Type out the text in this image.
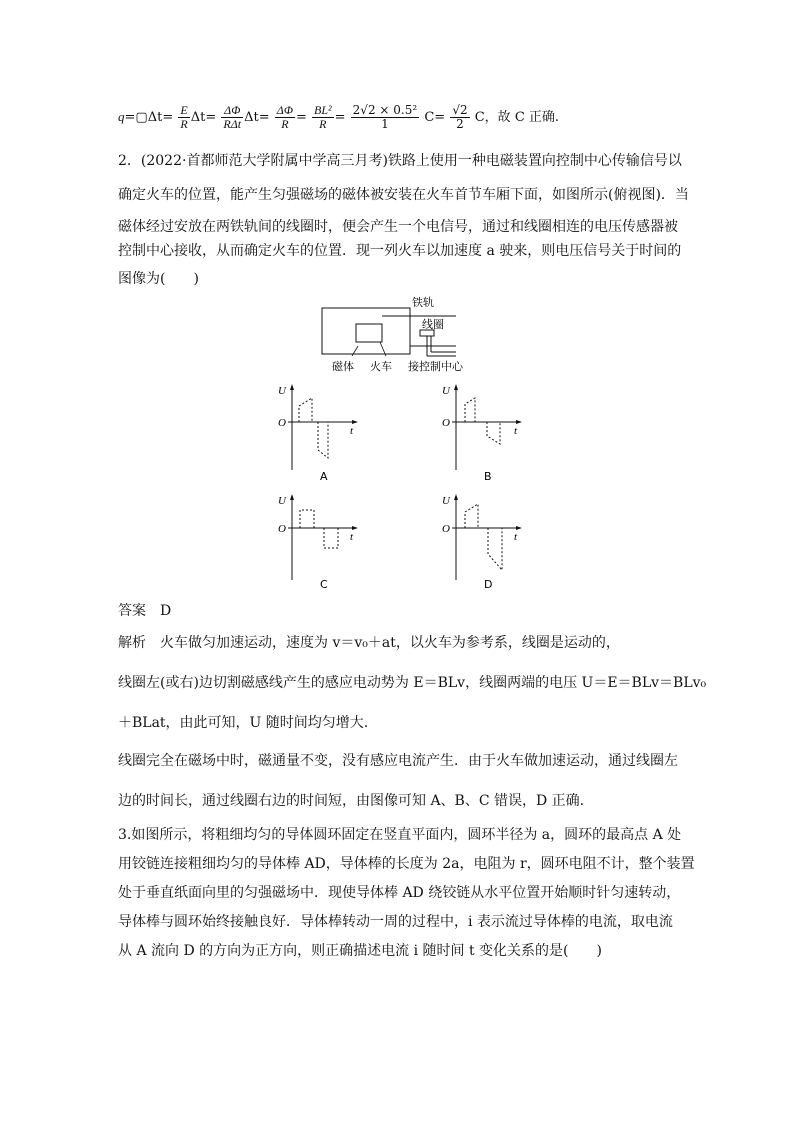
q=▢Δt= $\frac{E}{R} \Delta t= \frac{\Delta\Phi}{\text{RΔt}} \Delta t= \frac{\Delta\Phi}{R} = \frac{\text{BL²}}{R} = \frac{\text{2√2 × 0.5²}}{1} C= \frac{√2}{2}$ C，故 C 正确.
2．(2022·首都师范大学附属中学高三月考)铁路上使用一种电磁装置向控制中心传输信号以
确定火车的位置，能产生匀强磁场的磁体被安装在火车首节车厢下面，如图所示(俯视图)．当
磁体经过安放在两铁轨间的线圈时，便会产生一个电信号，通过和线圈相连的电压传感器被
控制中心接收，从而确定火车的位置．现一列火车以加速度 a 驶来，则电压信号关于时间的
图像为(　　)
铁轨
线圈
磁体 火车 接控制中心
U
O
t
A
U
O
t
B
U
O
t
C
U
O
t
D
答案　D
解析　火车做匀加速运动，速度为 v＝v₀＋at，以火车为参考系，线圈是运动的，
线圈左(或右)边切割磁感线产生的感应电动势为 E＝BLv，线圈两端的电压 U＝E＝BLv＝BLv₀
＋BLat，由此可知，U 随时间均匀增大.
线圈完全在磁场中时，磁通量不变，没有感应电流产生．由于火车做加速运动，通过线圈左
边的时间长，通过线圈右边的时间短，由图像可知 A、B、C 错误，D 正确.
3.如图所示，将粗细均匀的导体圆环固定在竖直平面内，圆环半径为 a，圆环的最高点 A 处
用铰链连接粗细均匀的导体棒 AD，导体棒的长度为 2a，电阻为 r，圆环电阻不计，整个装置
处于垂直纸面向里的匀强磁场中．现使导体棒 AD 绕铰链从水平位置开始顺时针匀速转动，
导体棒与圆环始终接触良好．导体棒转动一周的过程中，i 表示流过导体棒的电流，取电流
从 A 流向 D 的方向为正方向，则正确描述电流 i 随时间 t 变化关系的是(　　)
